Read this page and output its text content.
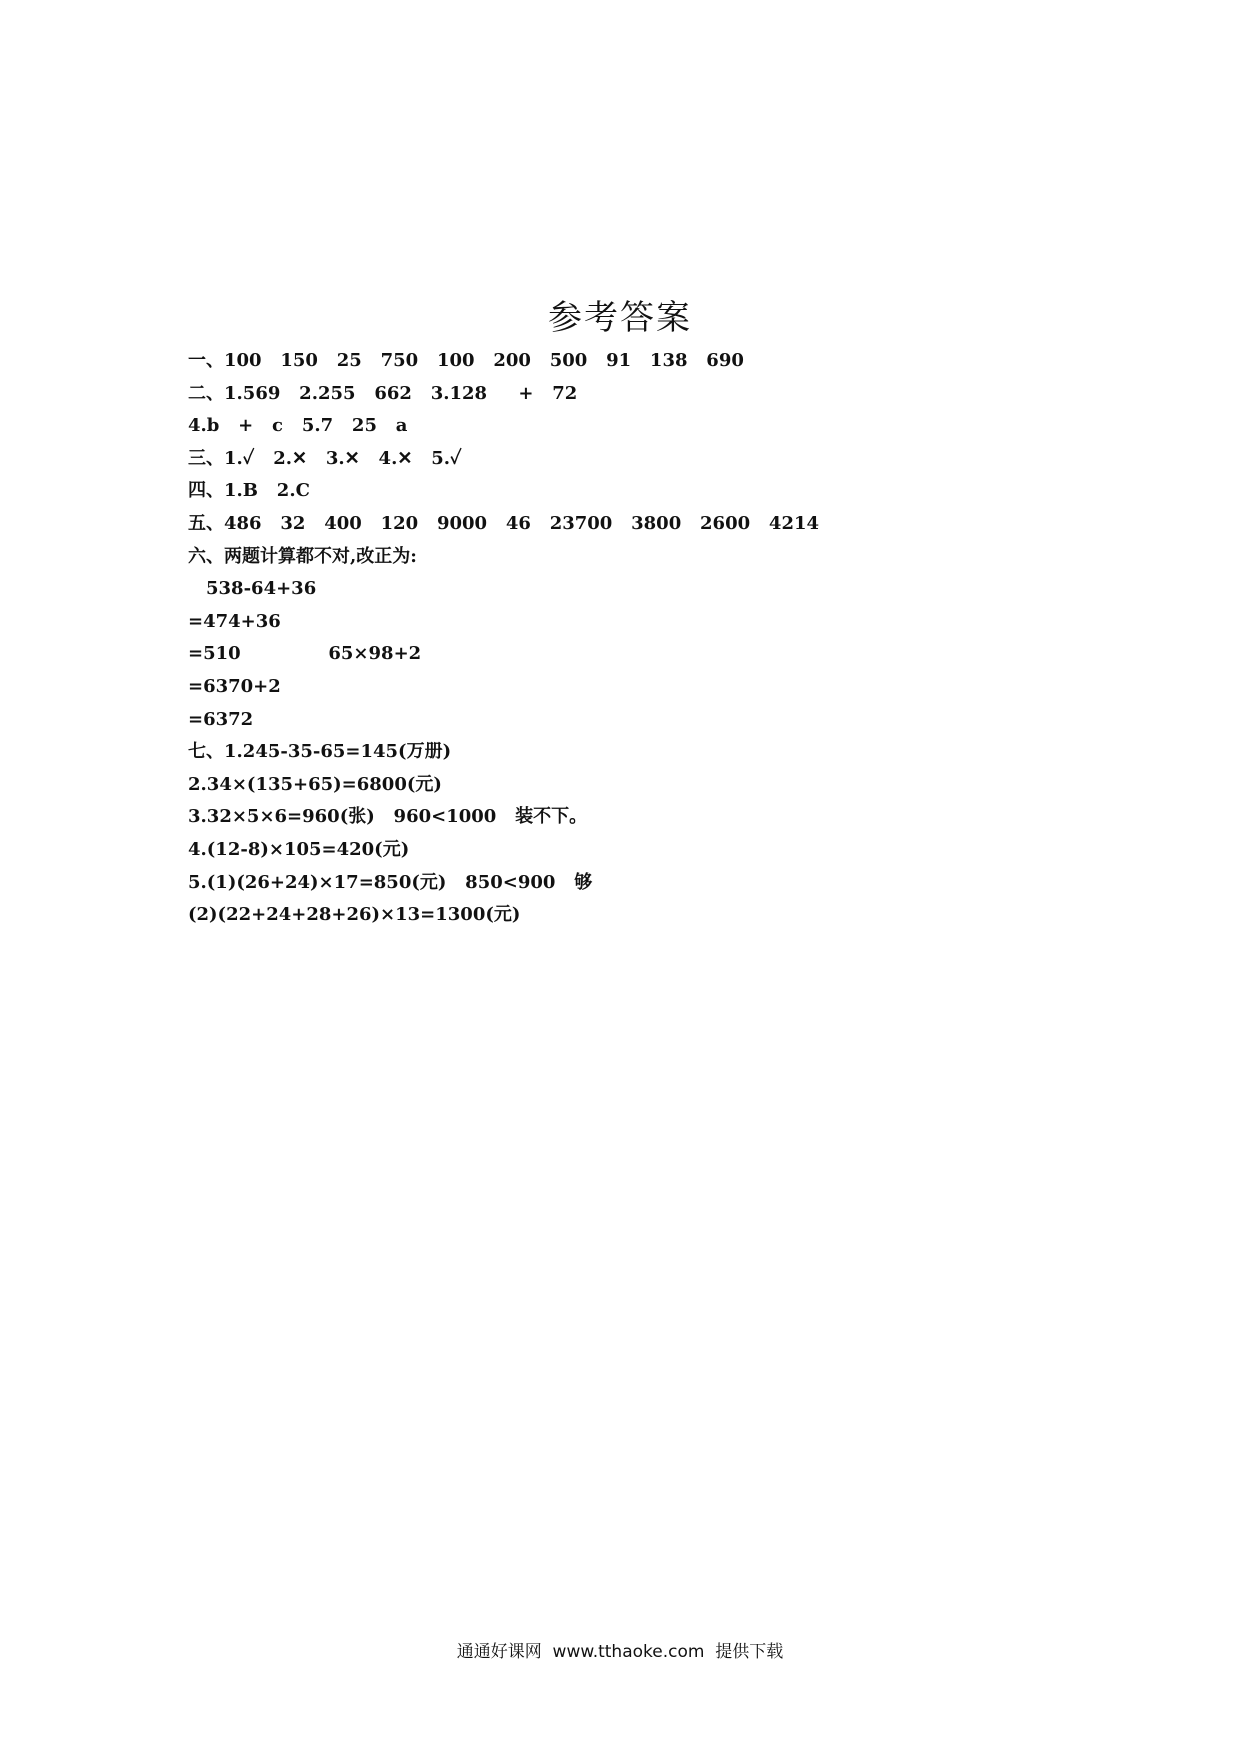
参考答案
一、100   150   25   750   100   200   500   91   138   690
二、1.569   2.255   662   3.128     +   72
4.b   +   c   5.7   25   a
三、1.✓   2.✕   3.✕   4.✕   5.✓
四、1.B   2.C
五、486   32   400   120   9000   46   23700   3800   2600   4214
六、两题计算都不对,改正为:
538-64+36
=474+36
=510              65×98+2
=6370+2
=6372
七、1.245-35-65=145(万册)
2.34×(135+65)=6800(元)
3.32×5×6=960(张)   960<1000   装不下。
4.(12-8)×105=420(元)
5.(1)(26+24)×17=850(元)   850<900   够
(2)(22+24+28+26)×13=1300(元)
通通好课网  www.tthaoke.com  提供下载
